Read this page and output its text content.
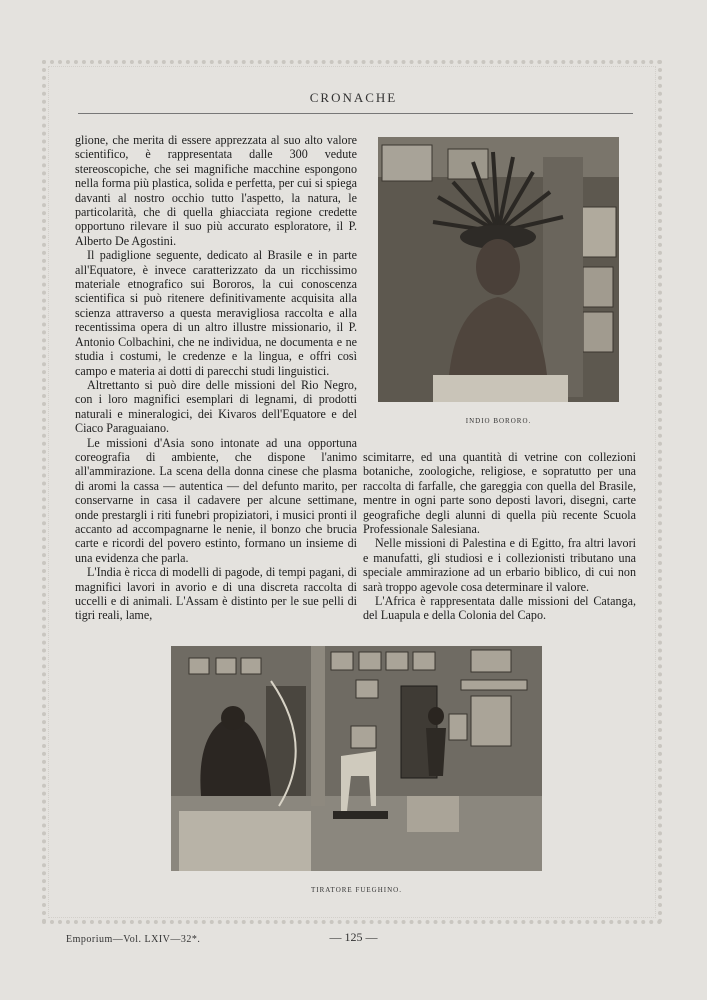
CRONACHE

glione, che merita di essere apprezzata al suo alto valore scientifico, è rappresentata dalle 300 vedute stereoscopiche, che sei magnifiche macchine espongono nella forma più plastica, solida e perfetta, per cui si spiega davanti al nostro occhio tutto l'aspetto, la natura, le particolarità, che di quella ghiacciata regione credette opportuno rilevare il suo più accurato esploratore, il P. Alberto De Agostini.

Il padiglione seguente, dedicato al Brasile e in parte all'Equatore, è invece caratterizzato da un ricchissimo materiale etnografico sui Bororos, la cui conoscenza scientifica si può ritenere definitivamente acquisita alla scienza attraverso a questa meravigliosa raccolta e alla recentissima opera di un altro illustre missionario, il P. Antonio Colbachini, che ne individua, ne documenta e ne studia i costumi, le credenze e la lingua, e offri così campo e materia ai dotti di parecchi studi linguistici.

Altrettanto si può dire delle missioni del Rio Negro, con i loro magnifici esemplari di legnami, di prodotti naturali e mineralogici, dei Kivaros dell'Equatore e del Ciaco Paraguaiano.

Le missioni d'Asia sono intonate ad una opportuna coreografia di ambiente, che dispone l'animo all'ammirazione. La scena della donna cinese che plasma di aromi la cassa — autentica — del defunto marito, per conservarne in casa il cadavere per alcune settimane, onde prestargli i riti funebri propiziatori, i musici pronti il accanto ad accompagnarne le nenie, il bonzo che brucia carte e ricordi del povero estinto, formano un insieme di una evidenza che parla.

L'India è ricca di modelli di pagode, di tempi pagani, di magnifici lavori in avorio e di una discreta raccolta di uccelli e di animali. L'Assam è distinto per le sue pelli di tigri reali, lame,

INDIO BORORO.

scimitarre, ed una quantità di vetrine con collezioni botaniche, zoologiche, religiose, e sopratutto per una raccolta di farfalle, che gareggia con quella del Brasile, mentre in ogni parte sono deposti lavori, disegni, carte geografiche degli alunni di quella più recente Scuola Professionale Salesiana.

Nelle missioni di Palestina e di Egitto, fra altri lavori e manufatti, gli studiosi e i collezionisti tributano una speciale ammirazione ad un erbario biblico, di cui non sarà troppo agevole cosa determinare il valore.

L'Africa è rappresentata dalle missioni del Catanga, del Luapula e della Colonia del Capo.

TIRATORE FUEGHINO.
Emporium—Vol. LXIV—32*.	— 125 —
